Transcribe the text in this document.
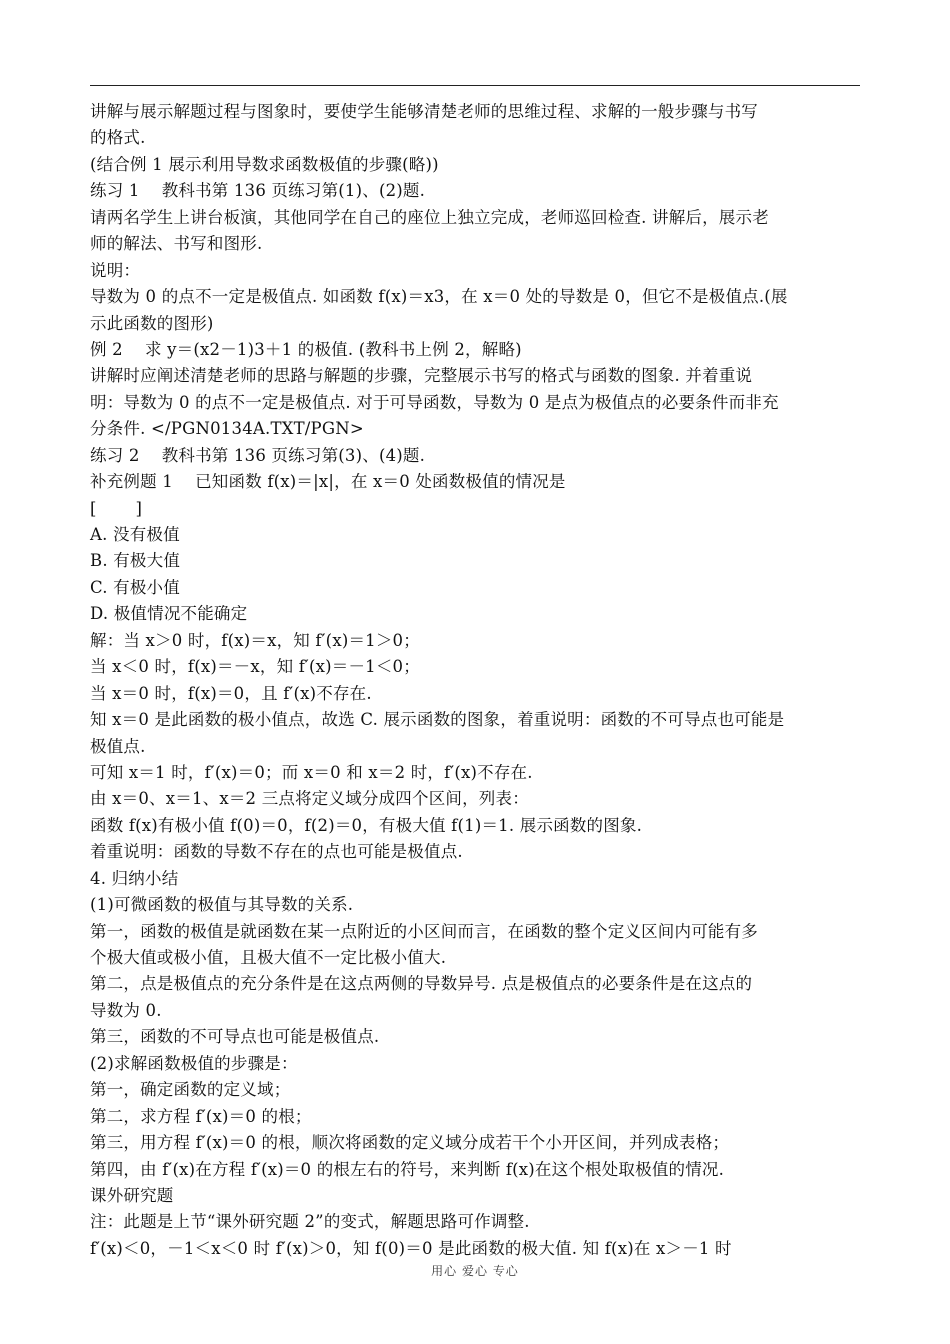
讲解与展示解题过程与图象时，要使学生能够清楚老师的思维过程、求解的一般步骤与书写
的格式.
(结合例 1 展示利用导数求函数极值的步骤(略))
练习 1　 教科书第 136 页练习第(1)、(2)题.
请两名学生上讲台板演，其他同学在自己的座位上独立完成，老师巡回检查. 讲解后，展示老
师的解法、书写和图形.
说明：
导数为 0 的点不一定是极值点. 如函数 f(x)＝x3，在 x＝0 处的导数是 0，但它不是极值点.(展
示此函数的图形)
例 2　 求 y＝(x2－1)3＋1 的极值. (教科书上例 2，解略)
讲解时应阐述清楚老师的思路与解题的步骤，完整展示书写的格式与函数的图象. 并着重说
明：导数为 0 的点不一定是极值点. 对于可导函数，导数为 0 是点为极值点的必要条件而非充
分条件. </PGN0134A.TXT/PGN>
练习 2　 教科书第 136 页练习第(3)、(4)题.
补充例题 1　 已知函数 f(x)＝|x|，在 x＝0 处函数极值的情况是
[　　 ]
A. 没有极值
B. 有极大值
C. 有极小值
D. 极值情况不能确定
解：当 x＞0 时，f(x)＝x，知 f′(x)＝1＞0；
当 x＜0 时，f(x)＝－x，知 f′(x)＝－1＜0；
当 x＝0 时，f(x)＝0，且 f′(x)不存在.
知 x＝0 是此函数的极小值点，故选 C. 展示函数的图象，着重说明：函数的不可导点也可能是
极值点.
可知 x＝1 时，f′(x)＝0；而 x＝0 和 x＝2 时，f′(x)不存在.
由 x＝0、x＝1、x＝2 三点将定义域分成四个区间，列表：
函数 f(x)有极小值 f(0)＝0，f(2)＝0，有极大值 f(1)＝1. 展示函数的图象.
着重说明：函数的导数不存在的点也可能是极值点.
4. 归纳小结
(1)可微函数的极值与其导数的关系.
第一，函数的极值是就函数在某一点附近的小区间而言，在函数的整个定义区间内可能有多
个极大值或极小值，且极大值不一定比极小值大.
第二，点是极值点的充分条件是在这点两侧的导数异号. 点是极值点的必要条件是在这点的
导数为 0.
第三，函数的不可导点也可能是极值点.
(2)求解函数极值的步骤是：
第一，确定函数的定义域；
第二，求方程 f′(x)＝0 的根；
第三，用方程 f′(x)＝0 的根，顺次将函数的定义域分成若干个小开区间，并列成表格；
第四，由 f′(x)在方程 f′(x)＝0 的根左右的符号，来判断 f(x)在这个根处取极值的情况.
课外研究题
注：此题是上节“课外研究题 2”的变式，解题思路可作调整.
f′(x)＜0，－1＜x＜0 时 f′(x)＞0，知 f(0)＝0 是此函数的极大值. 知 f(x)在 x＞－1 时
用心 爱心 专心
